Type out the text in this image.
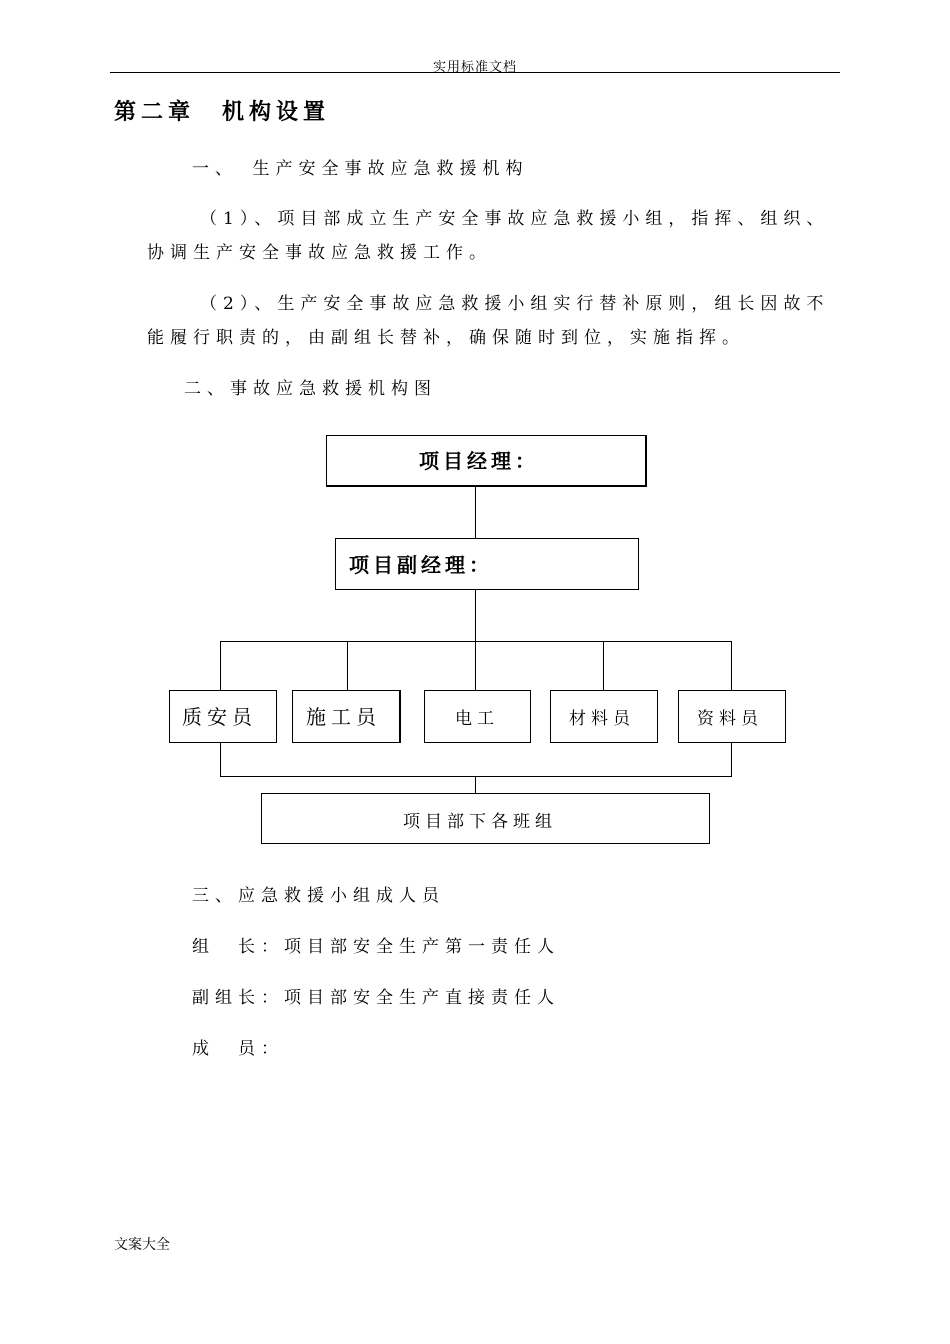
实用标准文档
第二章　机构设置
一、　生产安全事故应急救援机构
（1）、项目部成立生产安全事故应急救援小组，指挥、组织、
协调生产安全事故应急救援工作。
（2）、生产安全事故应急救援小组实行替补原则，组长因故不
能履行职责的，由副组长替补，确保随时到位，实施指挥。
二、事故应急救援机构图
项目经理：
项目副经理：
质安员 施工员	电工	材料员	资料员
项目部下各班组
三、应急救援小组成人员
组　长：项目部安全生产第一责任人
副组长：项目部安全生产直接责任人
成　员：
文案大全
